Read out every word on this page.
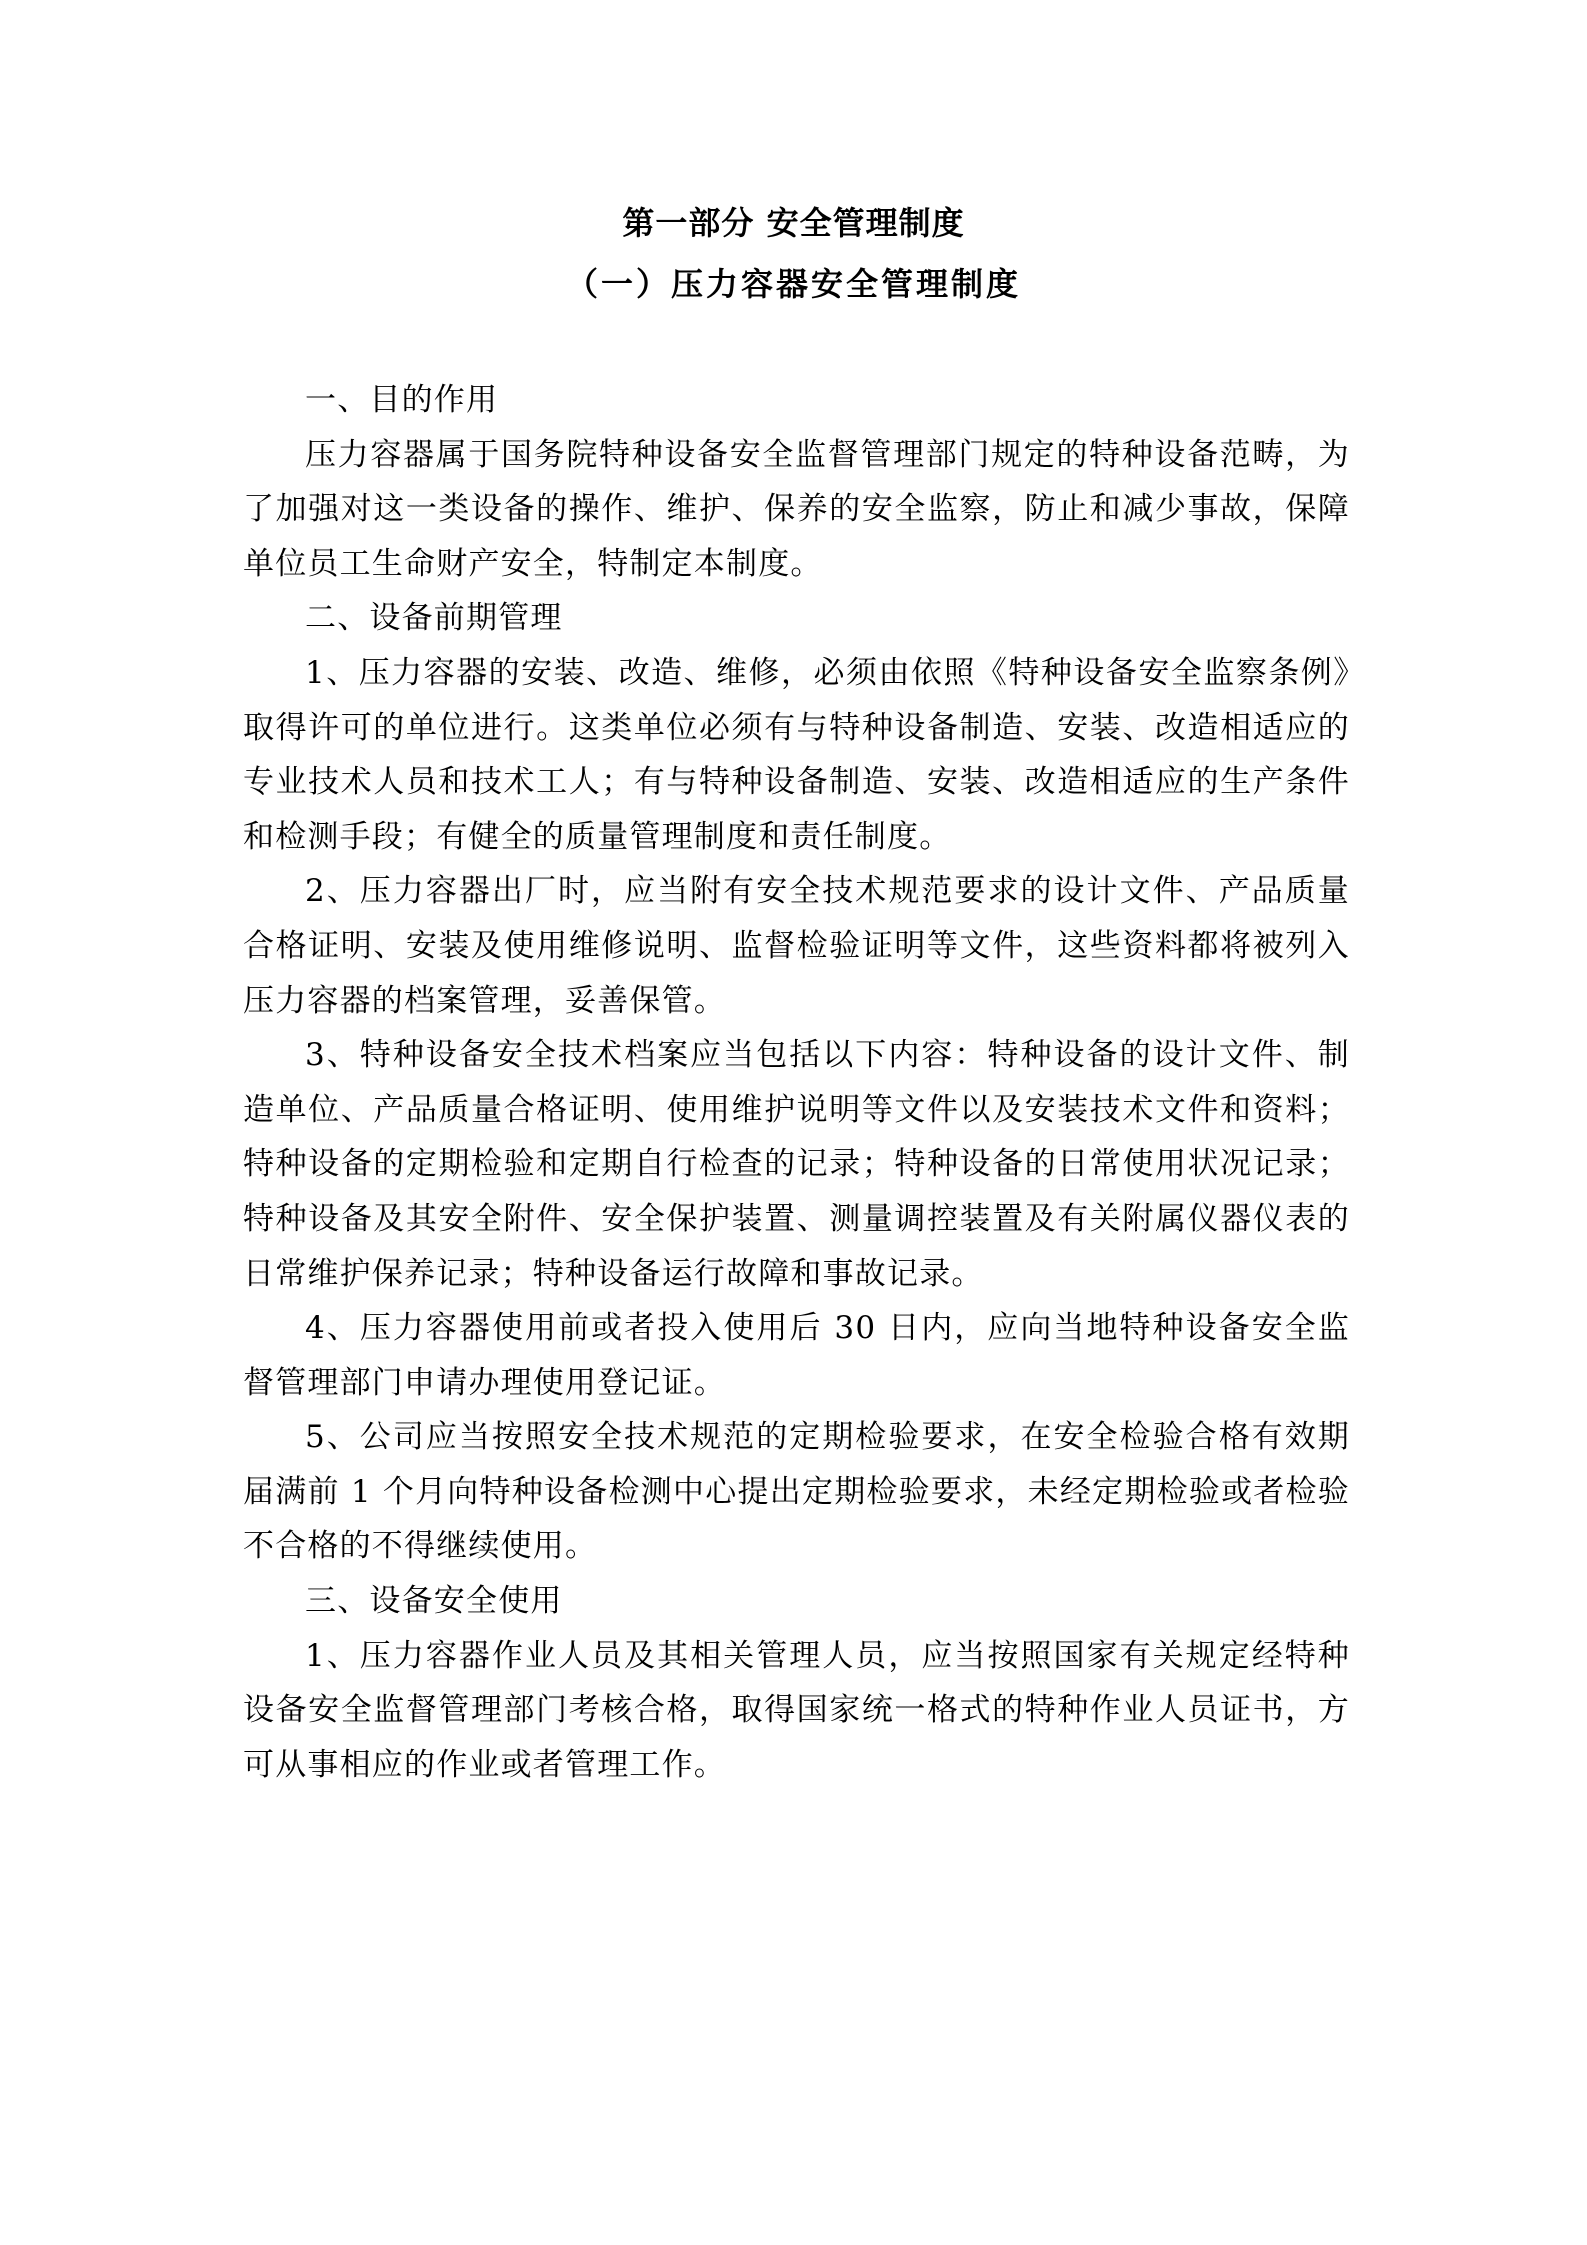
第一部分 安全管理制度
（一）压力容器安全管理制度

一、目的作用

压力容器属于国务院特种设备安全监督管理部门规定的特种设备范畴，为了加强对这一类设备的操作、维护、保养的安全监察，防止和减少事故，保障单位员工生命财产安全，特制定本制度。

二、设备前期管理

1、压力容器的安装、改造、维修，必须由依照《特种设备安全监察条例》取得许可的单位进行。这类单位必须有与特种设备制造、安装、改造相适应的专业技术人员和技术工人；有与特种设备制造、安装、改造相适应的生产条件和检测手段；有健全的质量管理制度和责任制度。

2、压力容器出厂时，应当附有安全技术规范要求的设计文件、产品质量合格证明、安装及使用维修说明、监督检验证明等文件，这些资料都将被列入压力容器的档案管理，妥善保管。

3、特种设备安全技术档案应当包括以下内容：特种设备的设计文件、制造单位、产品质量合格证明、使用维护说明等文件以及安装技术文件和资料；特种设备的定期检验和定期自行检查的记录；特种设备的日常使用状况记录；特种设备及其安全附件、安全保护装置、测量调控装置及有关附属仪器仪表的日常维护保养记录；特种设备运行故障和事故记录。

4、压力容器使用前或者投入使用后 30 日内，应向当地特种设备安全监督管理部门申请办理使用登记证。

5、公司应当按照安全技术规范的定期检验要求，在安全检验合格有效期届满前 1 个月向特种设备检测中心提出定期检验要求，未经定期检验或者检验不合格的不得继续使用。

三、设备安全使用

1、压力容器作业人员及其相关管理人员，应当按照国家有关规定经特种设备安全监督管理部门考核合格，取得国家统一格式的特种作业人员证书，方可从事相应的作业或者管理工作。
